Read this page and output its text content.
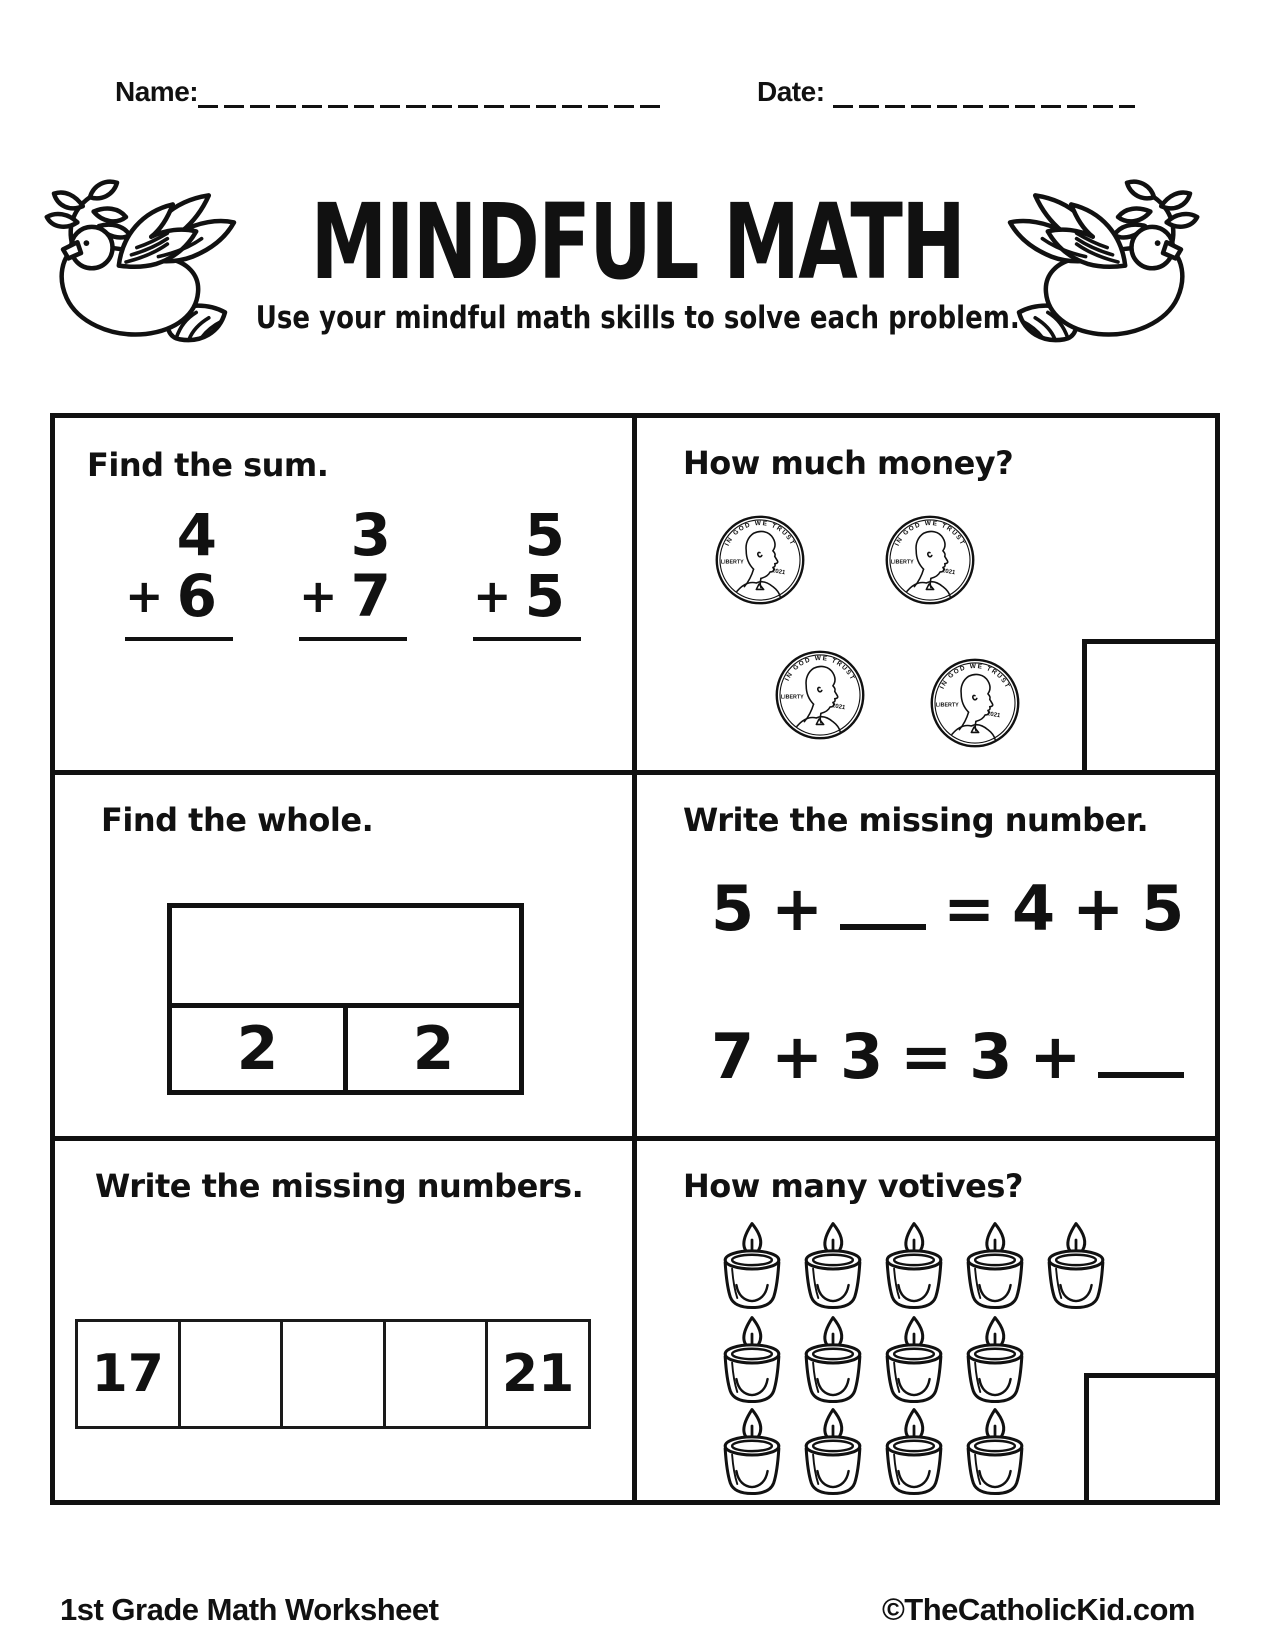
Name:	Date:
MINDFUL MATH
Use your mindful math skills to solve each problem.
Find the sum.
4
+ 6
3
+ 7
5
+ 5
How much money?
Find the whole.
2	2
Write the missing number.
5 + = 4 + 5
7 + 3 = 3 +
Write the missing numbers.
17	21
How many votives?
1st Grade Math Worksheet	©TheCatholicKid.com
